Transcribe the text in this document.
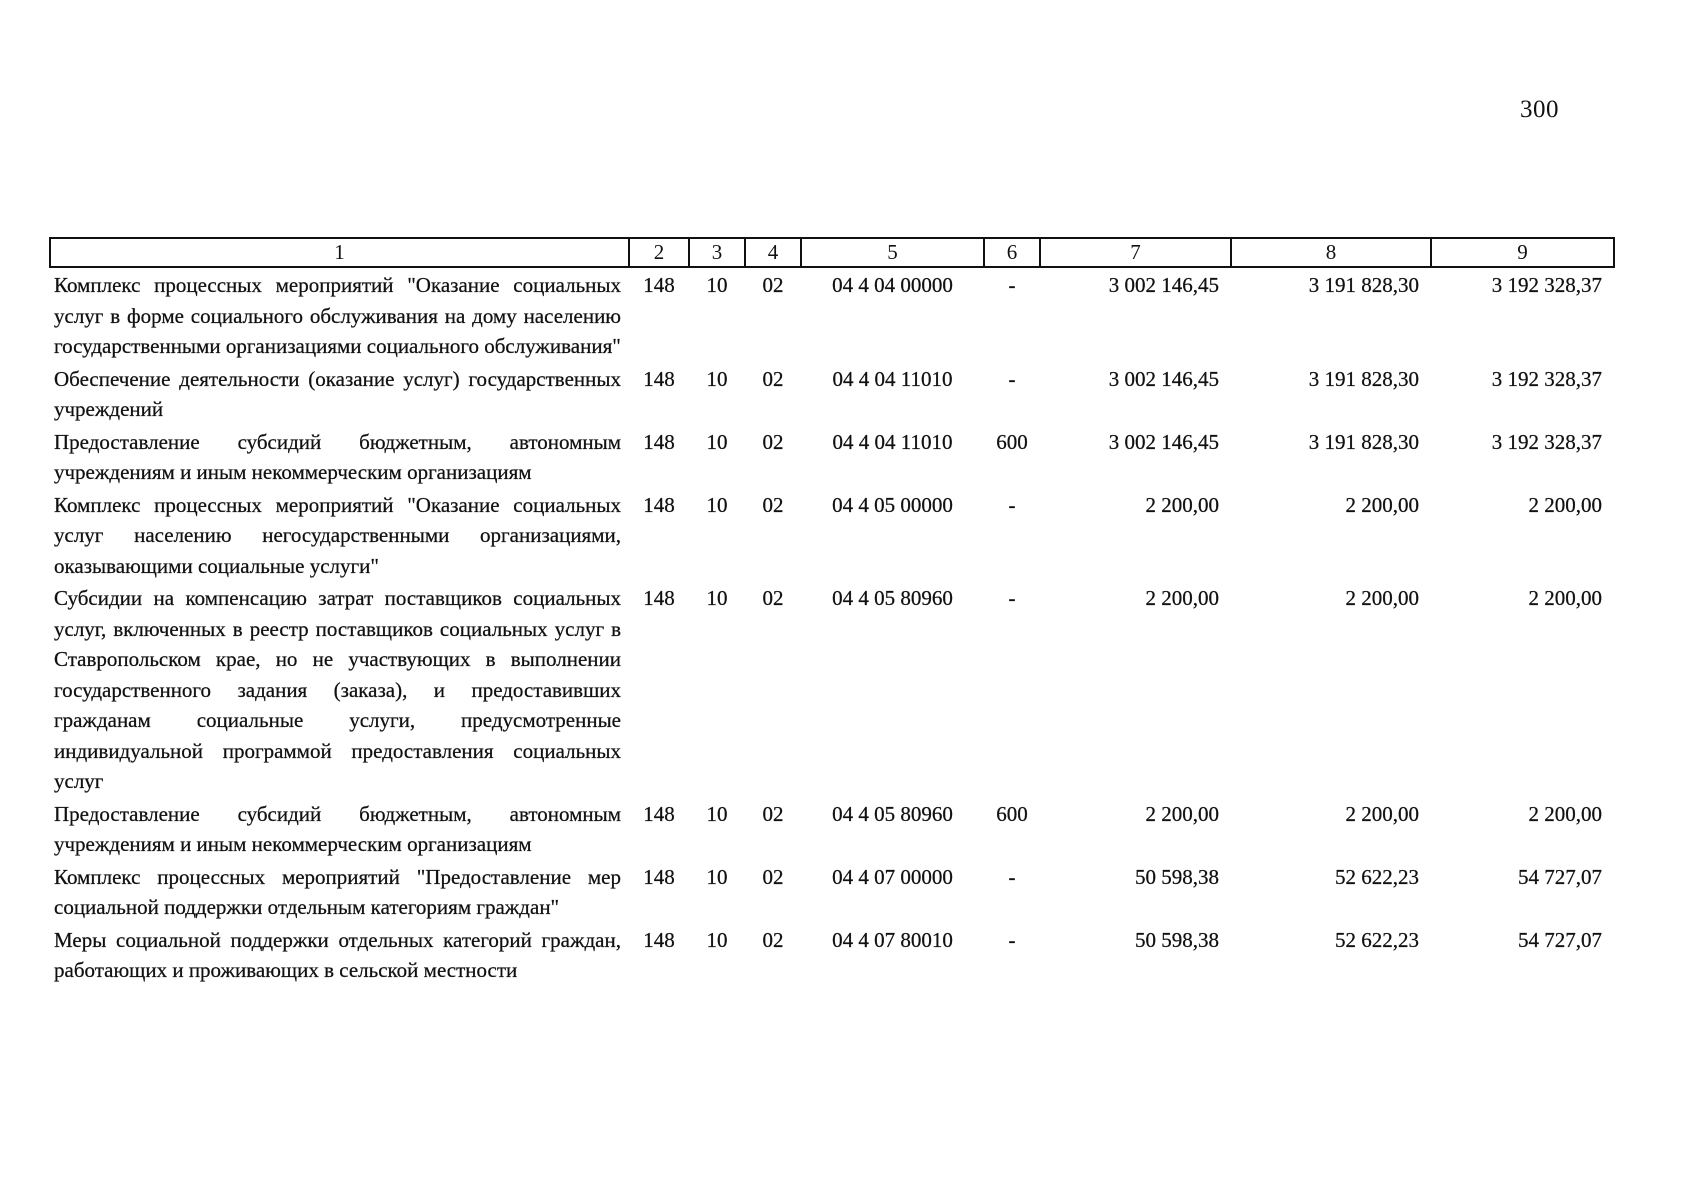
300
1	2	3	4	5	6	7	8	9
Комплекс процессных мероприятий "Оказание социальных услуг в форме социального обслуживания на дому населению государственными организациями социального обслуживания"	148	10	02	04 4 04 00000	-	3 002 146,45	3 191 828,30	3 192 328,37
Обеспечение деятельности (оказание услуг) государственных учреждений	148	10	02	04 4 04 11010	-	3 002 146,45	3 191 828,30	3 192 328,37
Предоставление субсидий бюджетным, автономным учреждениям и иным некоммерческим организациям	148	10	02	04 4 04 11010	600	3 002 146,45	3 191 828,30	3 192 328,37
Комплекс процессных мероприятий "Оказание социальных услуг населению негосударственными организациями, оказывающими социальные услуги"	148	10	02	04 4 05 00000	-	2 200,00	2 200,00	2 200,00
Субсидии на компенсацию затрат поставщиков социальных услуг, включенных в реестр поставщиков социальных услуг в Ставропольском крае, но не участвующих в выполнении государственного задания (заказа), и предоставивших гражданам социальные услуги, предусмотренные индивидуальной программой предоставления социальных услуг	148	10	02	04 4 05 80960	-	2 200,00	2 200,00	2 200,00
Предоставление субсидий бюджетным, автономным учреждениям и иным некоммерческим организациям	148	10	02	04 4 05 80960	600	2 200,00	2 200,00	2 200,00
Комплекс процессных мероприятий "Предоставление мер социальной поддержки отдельным категориям граждан"	148	10	02	04 4 07 00000	-	50 598,38	52 622,23	54 727,07
Меры социальной поддержки отдельных категорий граждан, работающих и проживающих в сельской местности	148	10	02	04 4 07 80010	-	50 598,38	52 622,23	54 727,07
